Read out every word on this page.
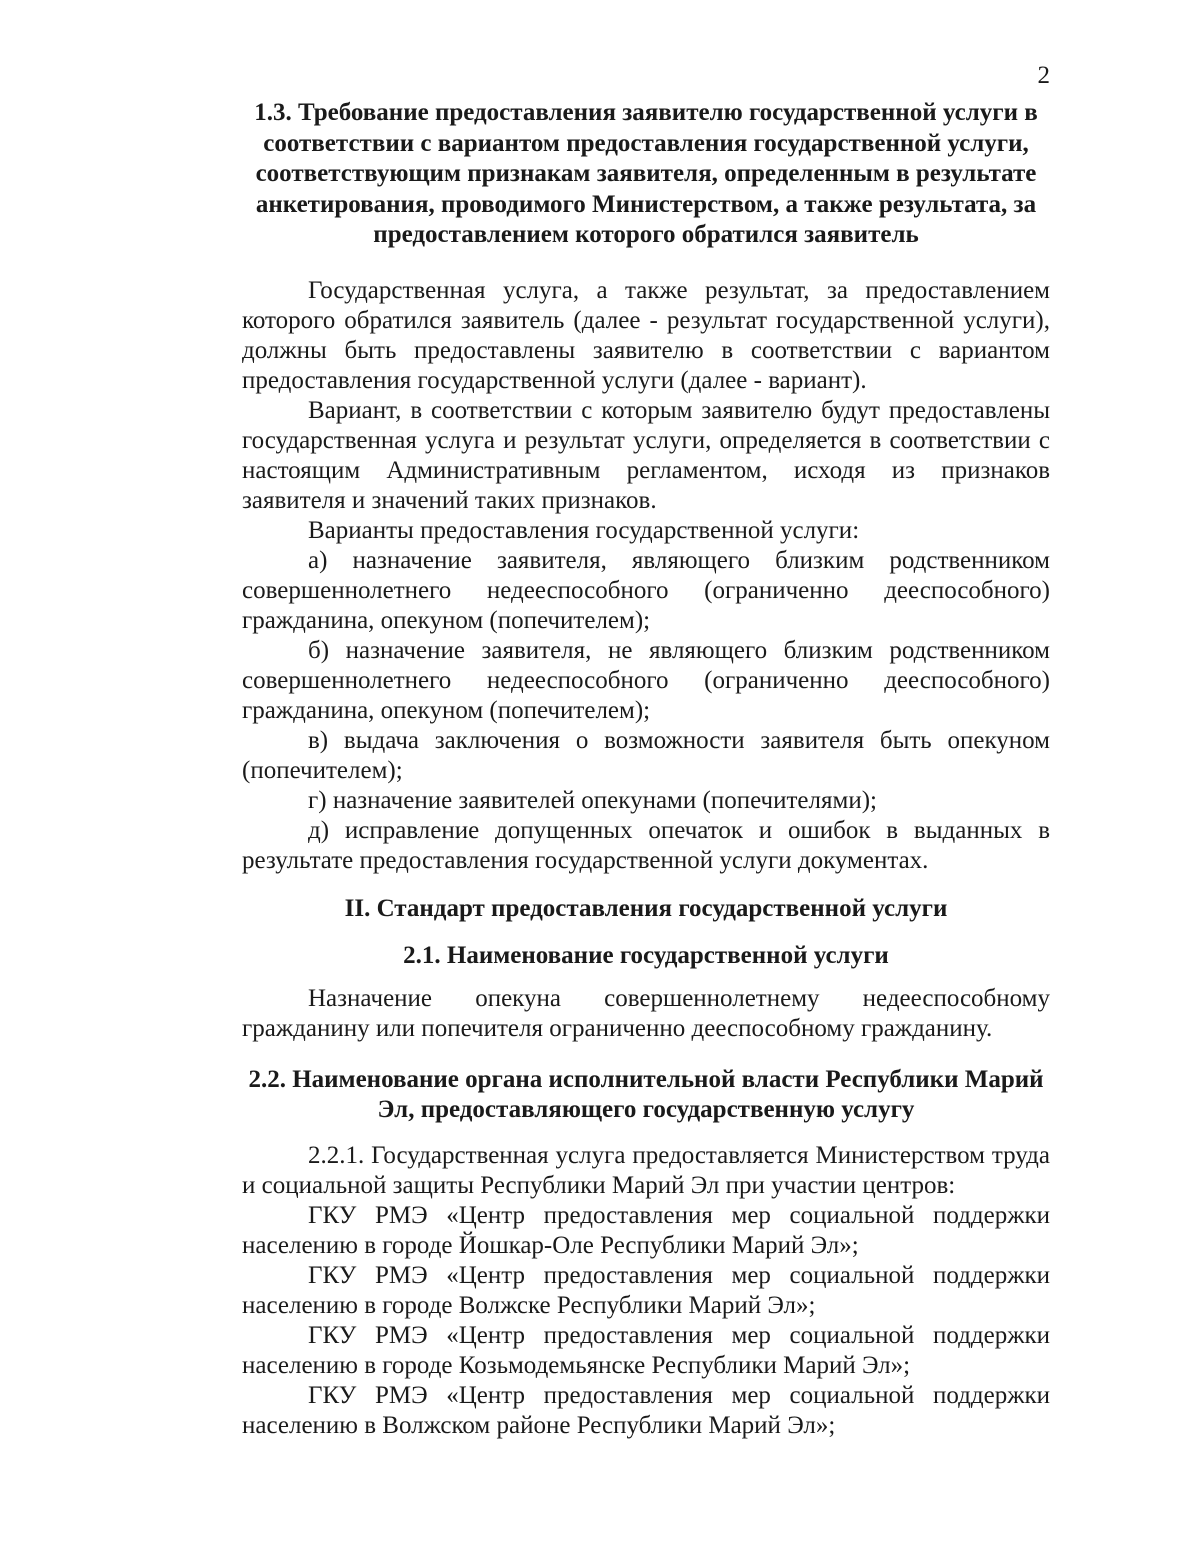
2
1.3. Требование предоставления заявителю государственной услуги в соответствии с вариантом предоставления государственной услуги, соответствующим признакам заявителя, определенным в результате анкетирования, проводимого Министерством, а также результата, за предоставлением которого обратился заявитель

Государственная услуга, а также результат, за предоставлением которого обратился заявитель (далее - результат государственной услуги), должны быть предоставлены заявителю в соответствии с вариантом предоставления государственной услуги (далее - вариант).

Вариант, в соответствии с которым заявителю будут предоставлены государственная услуга и результат услуги, определяется в соответствии с настоящим Административным регламентом, исходя из признаков заявителя и значений таких признаков.

Варианты предоставления государственной услуги:

а) назначение заявителя, являющего близким родственником совершеннолетнего недееспособного (ограниченно дееспособного) гражданина, опекуном (попечителем);

б) назначение заявителя, не являющего близким родственником совершеннолетнего недееспособного (ограниченно дееспособного) гражданина, опекуном (попечителем);

в) выдача заключения о возможности заявителя быть опекуном (попечителем);

г) назначение заявителей опекунами (попечителями);

д) исправление допущенных опечаток и ошибок в выданных в результате предоставления государственной услуги документах.

II. Стандарт предоставления государственной услуги
2.1. Наименование государственной услуги

Назначение опекуна совершеннолетнему недееспособному гражданину или попечителя ограниченно дееспособному гражданину.

2.2. Наименование органа исполнительной власти Республики Марий Эл, предоставляющего государственную услугу

2.2.1. Государственная услуга предоставляется Министерством труда и социальной защиты Республики Марий Эл при участии центров:

ГКУ РМЭ «Центр предоставления мер социальной поддержки населению в городе Йошкар-Оле Республики Марий Эл»;

ГКУ РМЭ «Центр предоставления мер социальной поддержки населению в городе Волжске Республики Марий Эл»;

ГКУ РМЭ «Центр предоставления мер социальной поддержки населению в городе Козьмодемьянске Республики Марий Эл»;

ГКУ РМЭ «Центр предоставления мер социальной поддержки населению в Волжском районе Республики Марий Эл»;
